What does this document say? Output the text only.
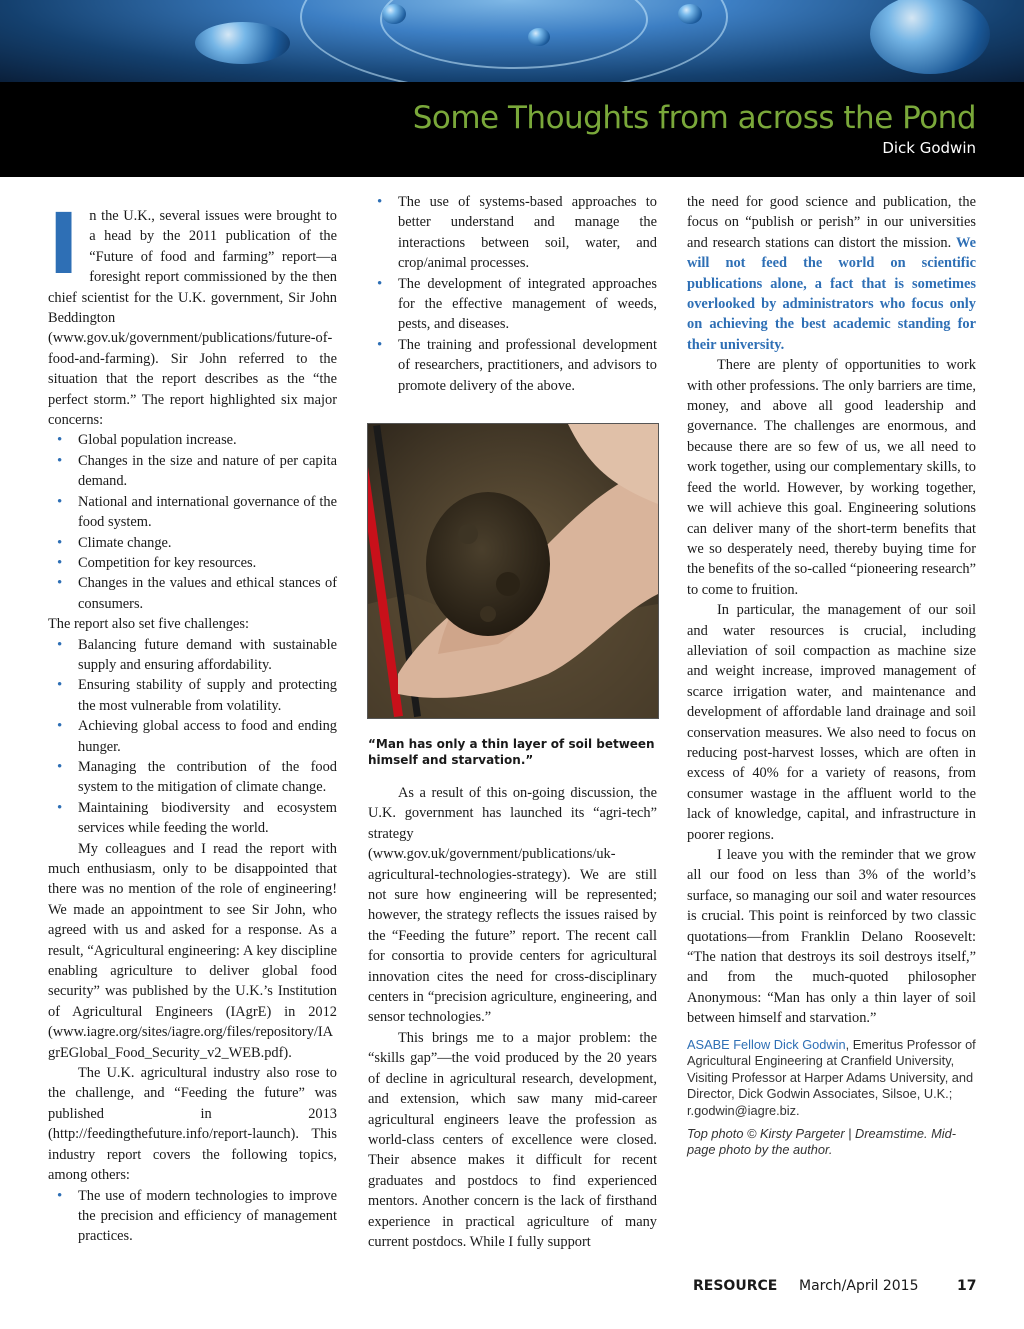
Some Thoughts from across the Pond
Dick Godwin

In the U.K., several issues were brought to a head by the 2011 publication of the “Future of food and farming” report—a foresight report commissioned by the then chief scientist for the U.K. government, Sir John Beddington (www.gov.uk/government/publications/future-of-food-and-farming). Sir John referred to the situation that the report describes as the “the perfect storm.” The report highlighted six major concerns:

• Global population increase.
• Changes in the size and nature of per capita demand.
• National and international governance of the food system.
• Climate change.
• Competition for key resources.
• Changes in the values and ethical stances of consumers.

The report also set five challenges:

• Balancing future demand with sustainable supply and ensuring affordability.
• Ensuring stability of supply and protecting the most vulnerable from volatility.
• Achieving global access to food and ending hunger.
• Managing the contribution of the food system to the mitigation of climate change.
• Maintaining biodiversity and ecosystem services while feeding the world.

My colleagues and I read the report with much enthusiasm, only to be disappointed that there was no mention of the role of engineering! We made an appointment to see Sir John, who agreed with us and asked for a response. As a result, “Agricultural engineering: A key discipline enabling agriculture to deliver global food security” was published by the U.K.’s Institution of Agricultural Engineers (IAgrE) in 2012 (www.iagre.org/sites/iagre.org/files/repository/IAgrEGlobal_Food_Security_v2_WEB.pdf).

The U.K. agricultural industry also rose to the challenge, and “Feeding the future” was published in 2013 (http://feedingthefuture.info/report-launch). This industry report covers the following topics, among others:

• The use of modern technologies to improve the precision and efficiency of management practices.
• The use of systems-based approaches to better understand and manage the interactions between soil, water, and crop/animal processes.
• The development of integrated approaches for the effective management of weeds, pests, and diseases.
• The training and professional development of researchers, practitioners, and advisors to promote delivery of the above.
“Man has only a thin layer of soil between himself and starvation.”

As a result of this on-going discussion, the U.K. government has launched its “agri-tech” strategy (www.gov.uk/government/publications/uk-agricultural-technologies-strategy). We are still not sure how engineering will be represented; however, the strategy reflects the issues raised by the “Feeding the future” report. The recent call for consortia to provide centers for agricultural innovation cites the need for cross-disciplinary centers in “precision agriculture, engineering, and sensor technologies.”

This brings me to a major problem: the “skills gap”—the void produced by the 20 years of decline in agricultural research, development, and extension, which saw many mid-career agricultural engineers leave the profession as world-class centers of excellence were closed. Their absence makes it difficult for recent graduates and postdocs to find experienced mentors. Another concern is the lack of firsthand experience in practical agriculture of many current postdocs. While I fully support

the need for good science and publication, the focus on “publish or perish” in our universities and research stations can distort the mission. We will not feed the world on scientific publications alone, a fact that is sometimes overlooked by administrators who focus only on achieving the best academic standing for their university.

There are plenty of opportunities to work with other professions. The only barriers are time, money, and above all good leadership and governance. The challenges are enormous, and because there are so few of us, we all need to work together, using our complementary skills, to feed the world. However, by working together, we will achieve this goal. Engineering solutions can deliver many of the short-term benefits that we so desperately need, thereby buying time for the benefits of the so-called “pioneering research” to come to fruition.

In particular, the management of our soil and water resources is crucial, including alleviation of soil compaction as machine size and weight increase, improved management of scarce irrigation water, and maintenance and development of affordable land drainage and soil conservation measures. We also need to focus on reducing post-harvest losses, which are often in excess of 40% for a variety of reasons, from consumer wastage in the affluent world to the lack of knowledge, capital, and infrastructure in poorer regions.

I leave you with the reminder that we grow all our food on less than 3% of the world’s surface, so managing our soil and water resources is crucial. This point is reinforced by two classic quotations—from Franklin Delano Roosevelt: “The nation that destroys its soil destroys itself,” and from the much-quoted philosopher Anonymous: “Man has only a thin layer of soil between himself and starvation.”

ASABE Fellow Dick Godwin, Emeritus Professor of Agricultural Engineering at Cranfield University, Visiting Professor at Harper Adams University, and Director, Dick Godwin Associates, Silsoe, U.K.; r.godwin@iagre.biz.

Top photo © Kirsty Pargeter | Dreamstime. Mid-page photo by the author.

RESOURCE March/April 2015	17
